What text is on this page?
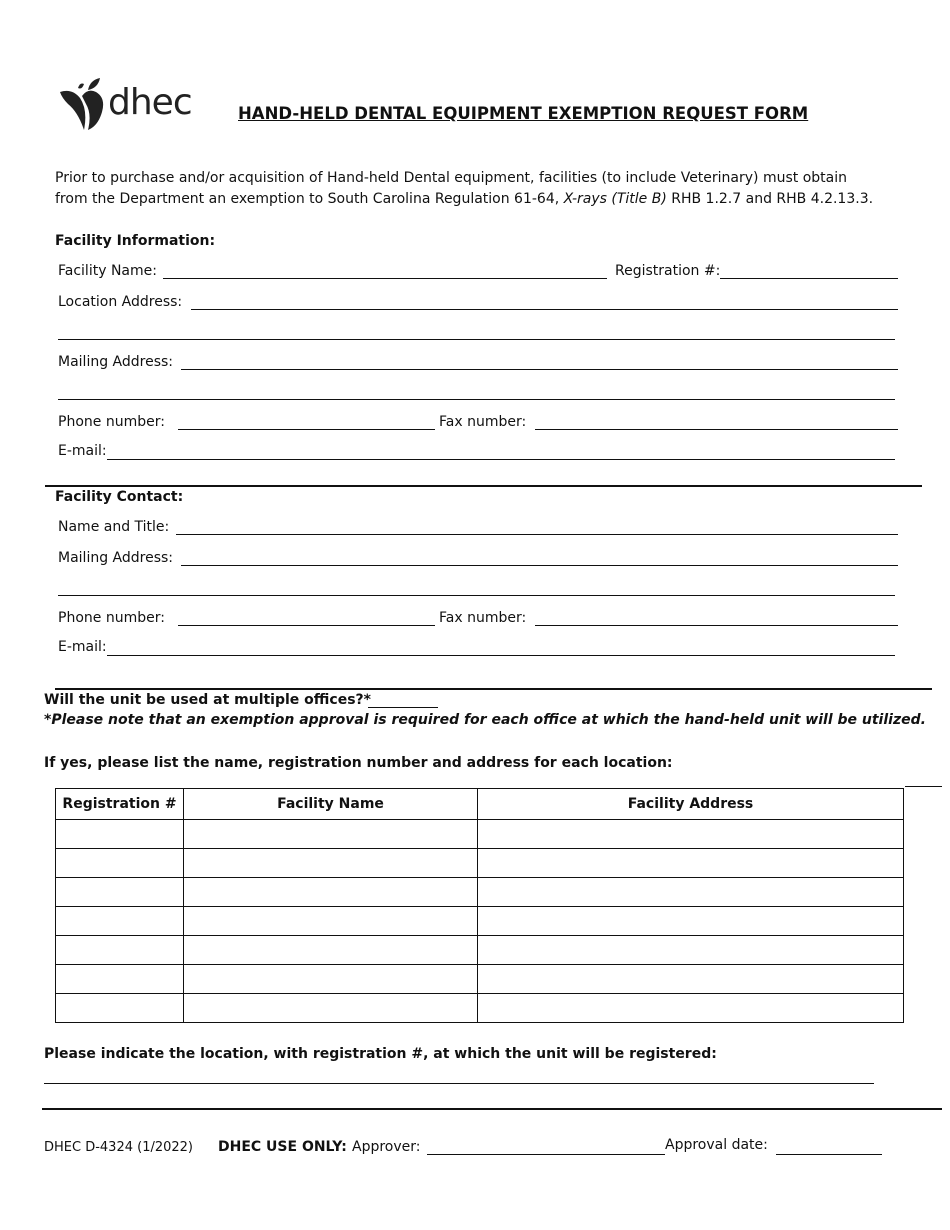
dhec	HAND-HELD DENTAL EQUIPMENT EXEMPTION REQUEST FORM
Prior to purchase and/or acquisition of Hand-held Dental equipment, facilities (to include Veterinary) must obtain
from the Department an exemption to South Carolina Regulation 61-64, X-rays (Title B) RHB 1.2.7 and RHB 4.2.13.3.
Facility Information:
Facility Name:	Registration #:
Location Address:
Mailing Address:
Phone number:	Fax number:
E-mail:
Facility Contact:
Name and Title:
Mailing Address:
Phone number:	Fax number:
E-mail:
Will the unit be used at multiple offices?*
*Please note that an exemption approval is required for each office at which the hand-held unit will be utilized.
If yes, please list the name, registration number and address for each location:
Registration #	Facility Name	Facility Address

Please indicate the location, with registration #, at which the unit will be registered:
DHEC D-4324 (1/2022) DHEC USE ONLY: Approver:	Approval date:
